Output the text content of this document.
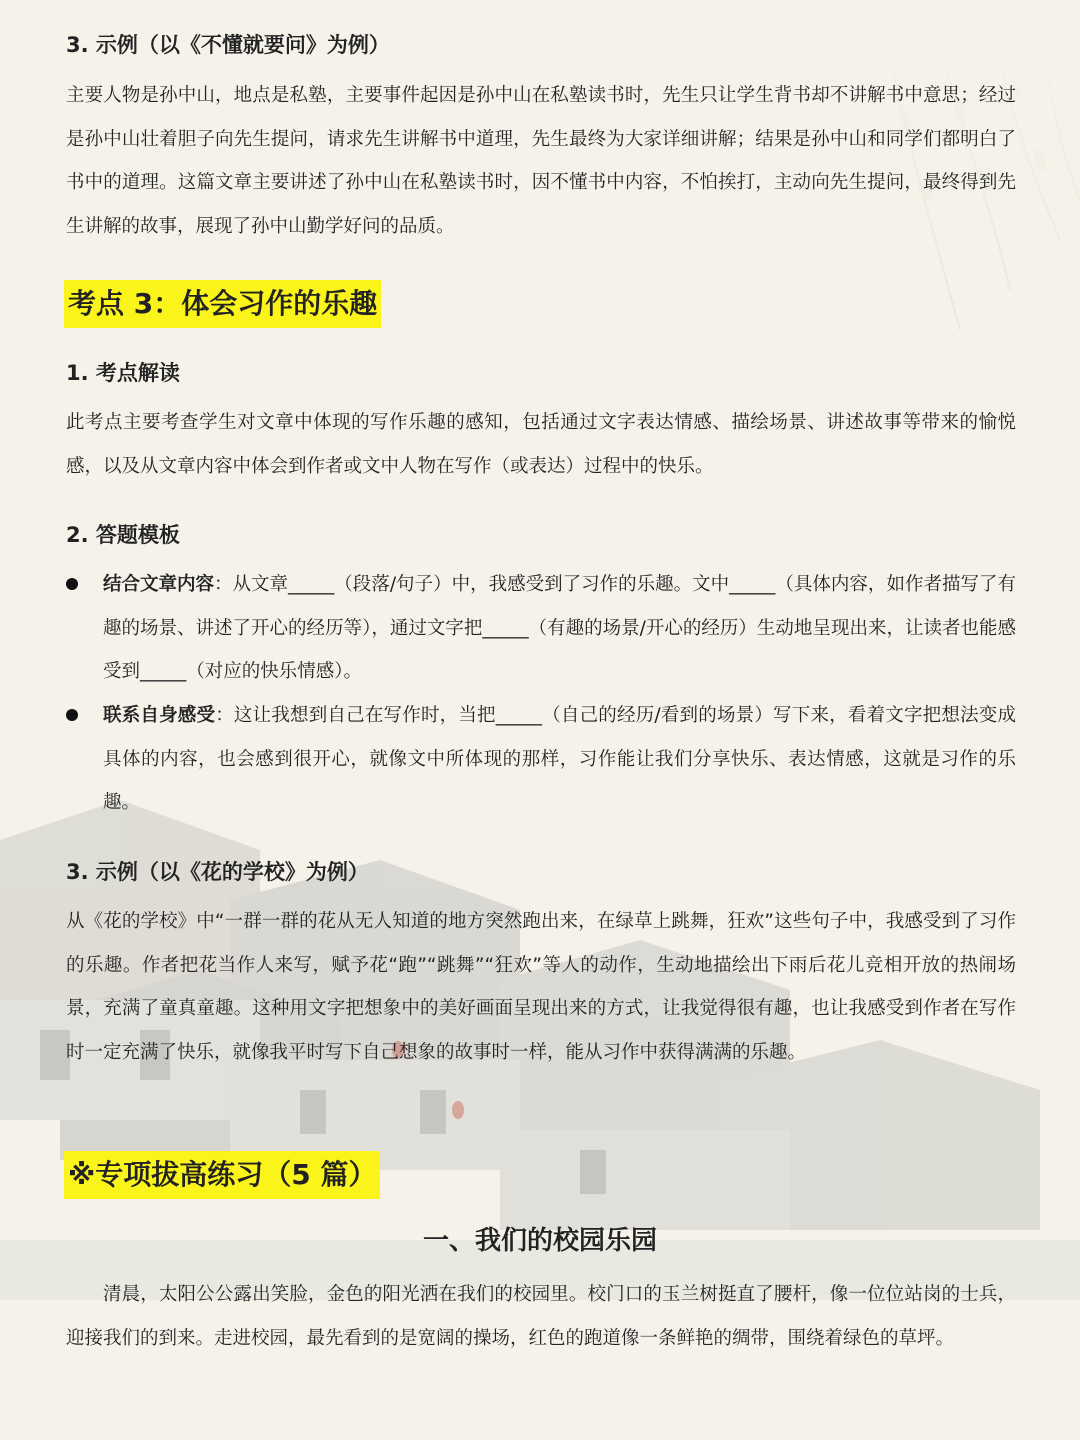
3. 示例（以《不懂就要问》为例）

主要人物是孙中山，地点是私塾，主要事件起因是孙中山在私塾读书时，先生只让学生背书却不讲解书中意思；经过是孙中山壮着胆子向先生提问，请求先生讲解书中道理，先生最终为大家详细讲解；结果是孙中山和同学们都明白了书中的道理。这篇文章主要讲述了孙中山在私塾读书时，因不懂书中内容，不怕挨打，主动向先生提问，最终得到先生讲解的故事，展现了孙中山勤学好问的品质。

考点 3：体会习作的乐趣
1. 考点解读

此考点主要考查学生对文章中体现的写作乐趣的感知，包括通过文字表达情感、描绘场景、讲述故事等带来的愉悦感，以及从文章内容中体会到作者或文中人物在写作（或表达）过程中的快乐。

2. 答题模板

结合文章内容：从文章_____（段落/句子）中，我感受到了习作的乐趣。文中_____（具体内容，如作者描写了有趣的场景、讲述了开心的经历等），通过文字把_____（有趣的场景/开心的经历）生动地呈现出来，让读者也能感受到_____（对应的快乐情感）。

联系自身感受：这让我想到自己在写作时，当把_____（自己的经历/看到的场景）写下来，看着文字把想法变成具体的内容，也会感到很开心，就像文中所体现的那样，习作能让我们分享快乐、表达情感，这就是习作的乐趣。

3. 示例（以《花的学校》为例）

从《花的学校》中“一群一群的花从无人知道的地方突然跑出来，在绿草上跳舞，狂欢”这些句子中，我感受到了习作的乐趣。作者把花当作人来写，赋予花“跑”“跳舞”“狂欢”等人的动作，生动地描绘出下雨后花儿竞相开放的热闹场景，充满了童真童趣。这种用文字把想象中的美好画面呈现出来的方式，让我觉得很有趣，也让我感受到作者在写作时一定充满了快乐，就像我平时写下自己想象的故事时一样，能从习作中获得满满的乐趣。

※专项拔高练习（5 篇）
一、我们的校园乐园

清晨，太阳公公露出笑脸，金色的阳光洒在我们的校园里。校门口的玉兰树挺直了腰杆，像一位位站岗的士兵，迎接我们的到来。走进校园，最先看到的是宽阔的操场，红色的跑道像一条鲜艳的绸带，围绕着绿色的草坪。
